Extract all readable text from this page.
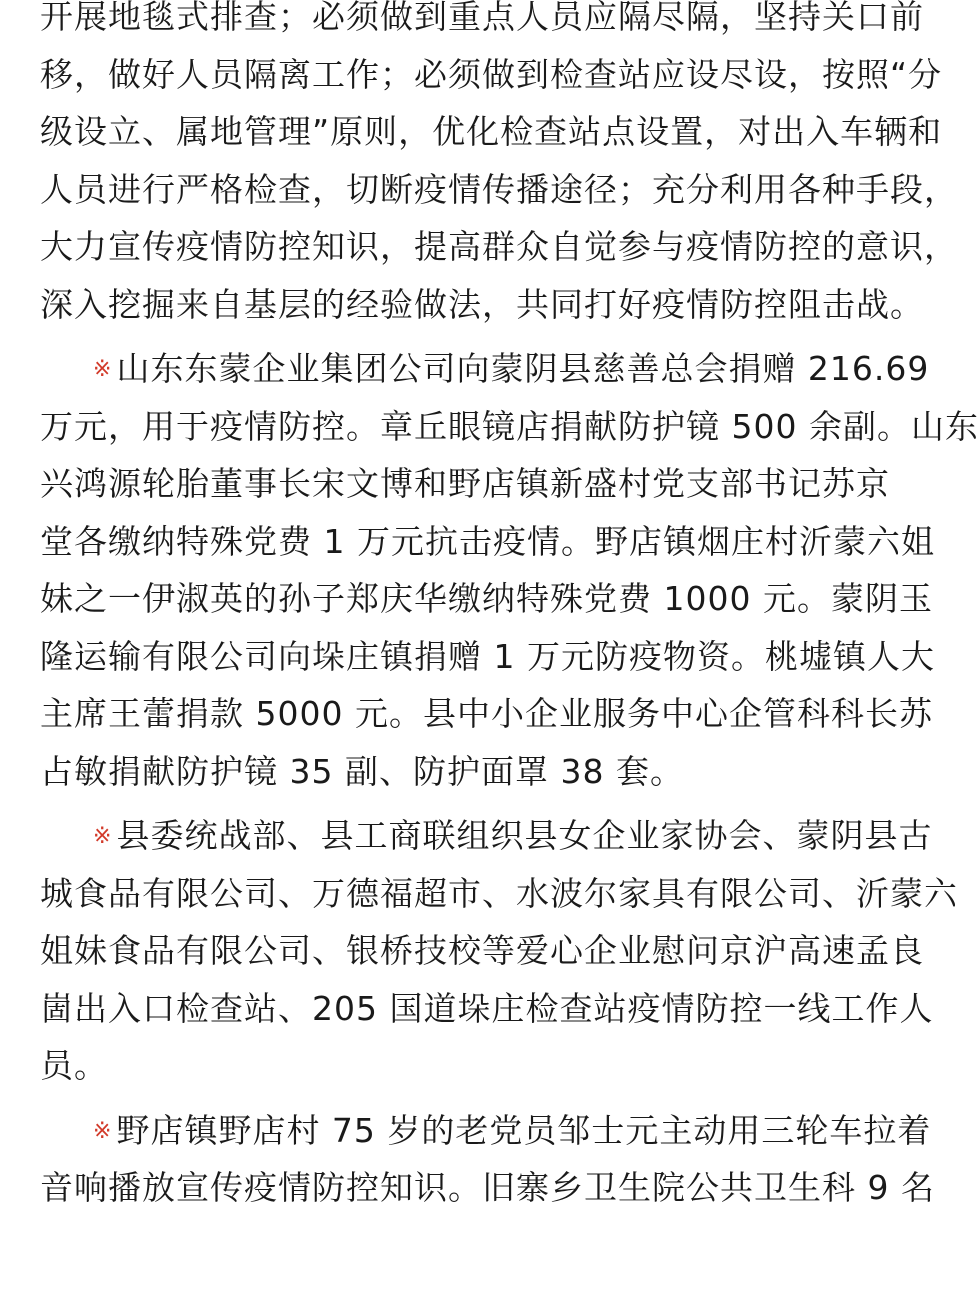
开展地毯式排查；必须做到重点人员应隔尽隔，坚持关口前
移，做好人员隔离工作；必须做到检查站应设尽设，按照“分
级设立、属地管理”原则，优化检查站点设置，对出入车辆和
人员进行严格检查，切断疫情传播途径；充分利用各种手段，
大力宣传疫情防控知识，提高群众自觉参与疫情防控的意识，
深入挖掘来自基层的经验做法，共同打好疫情防控阻击战。
※ 山东东蒙企业集团公司向蒙阴县慈善总会捐赠 216.69
万元，用于疫情防控。章丘眼镜店捐献防护镜 500 余副。山东
兴鸿源轮胎董事长宋文博和野店镇新盛村党支部书记苏京
堂各缴纳特殊党费 1 万元抗击疫情。野店镇烟庄村沂蒙六姐
妹之一伊淑英的孙子郑庆华缴纳特殊党费 1000 元。蒙阴玉
隆运输有限公司向垛庄镇捐赠 1 万元防疫物资。桃墟镇人大
主席王蕾捐款 5000 元。县中小企业服务中心企管科科长苏
占敏捐献防护镜 35 副、防护面罩 38 套。
※ 县委统战部、县工商联组织县女企业家协会、蒙阴县古
城食品有限公司、万德福超市、水波尔家具有限公司、沂蒙六
姐妹食品有限公司、银桥技校等爱心企业慰问京沪高速孟良
崮出入口检查站、205 国道垛庄检查站疫情防控一线工作人
员。
※ 野店镇野店村 75 岁的老党员邹士元主动用三轮车拉着
音响播放宣传疫情防控知识。旧寨乡卫生院公共卫生科 9 名
